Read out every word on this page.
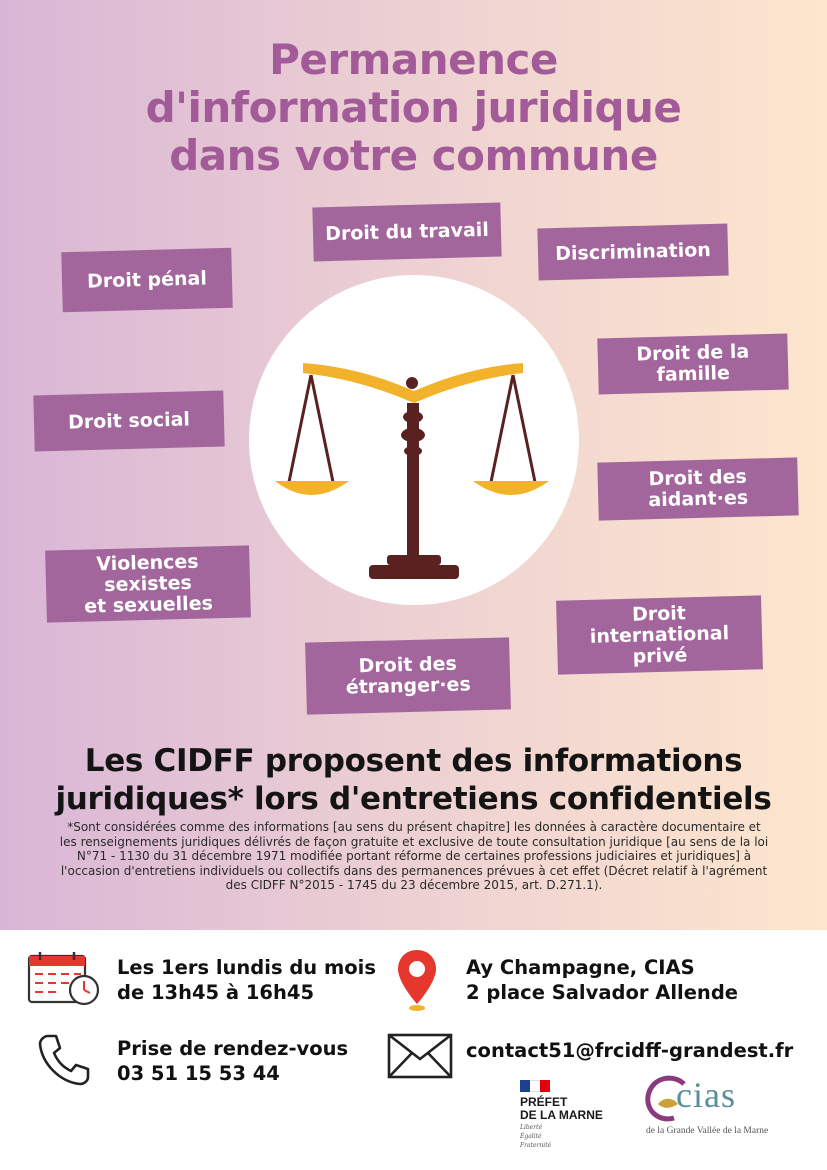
Permanence
d'information juridique
dans votre commune
Droit pénal
Droit du travail
Discrimination
Droit de la famille
Droit social
Droit des
aidant·es
Violences sexistes
et sexuelles	Droit international
privé
Droit des
étranger·es
Les CIDFF proposent des informations
juridiques* lors d'entretiens confidentiels
*Sont considérées comme des informations [au sens du présent chapitre] les données à caractère documentaire et les renseignements juridiques délivrés de façon gratuite et exclusive de toute consultation juridique [au sens de la loi N°71 - 1130 du 31 décembre 1971 modifiée portant réforme de certaines professions judiciaires et juridiques] à l'occasion d'entretiens individuels ou collectifs dans des permanences prévues à cet effet (Décret relatif à l'agrément des CIDFF N°2015 - 1745 du 23 décembre 2015, art. D.271.1).
Les 1ers lundis du mois
de 13h45 à 16h45
Ay Champagne, CIAS
2 place Salvador Allende
Prise de rendez-vous
03 51 15 53 44
contact51@frcidff-grandest.fr
PRÉFET
DE LA MARNE
Liberté
Égalité
Fraternité
cias
de la Grande Vallée de la Marne
